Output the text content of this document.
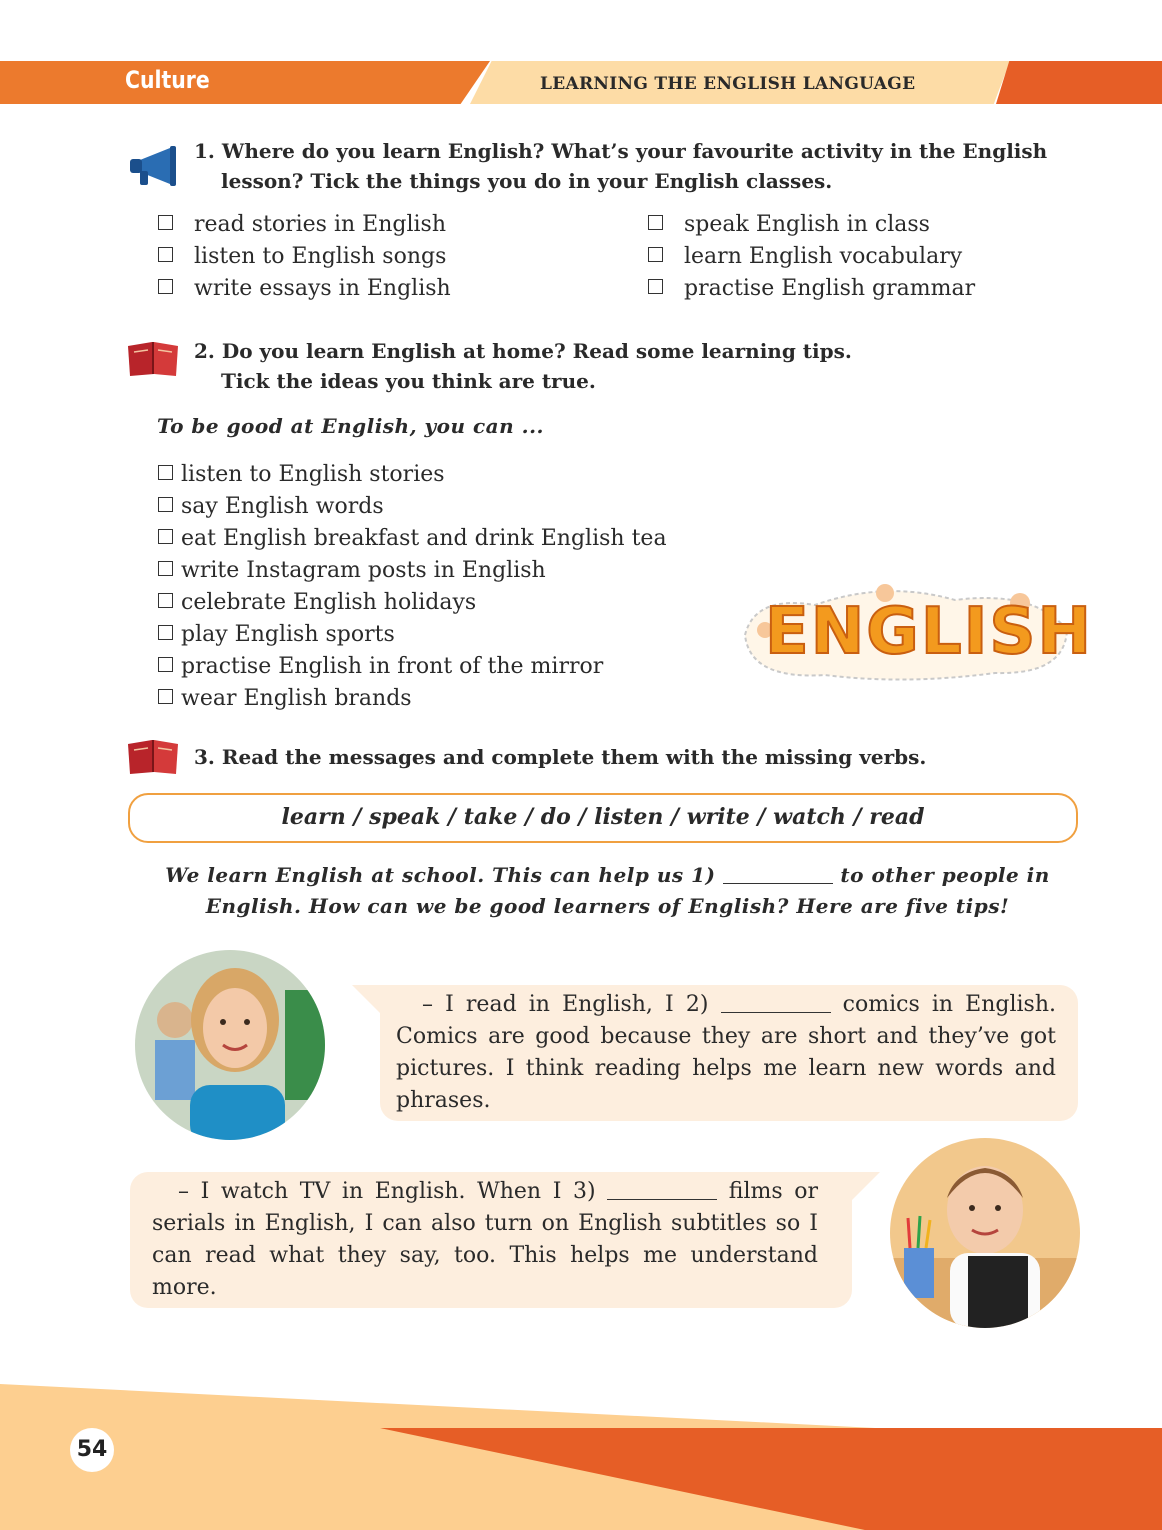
Culture	LEARNING THE ENGLISH LANGUAGE
1. Where do you learn English? What’s your favourite activity in the English
lesson? Tick the things you do in your English classes.
read stories in English
listen to English songs
write essays in English
speak English in class
learn English vocabulary
practise English grammar
2. Do you learn English at home? Read some learning tips.
Tick the ideas you think are true.
To be good at English, you can ...
listen to English stories
say English words
eat English breakfast and drink English tea
write Instagram posts in English
celebrate English holidays
play English sports
practise English in front of the mirror
wear English brands
ENGLISH
3. Read the messages and complete them with the missing verbs.
learn / speak / take / do / listen / write / watch / read
We learn English at school. This can help us 1)	to other people in
English. How can we be good learners of English? Here are five tips!
– I read in English, I 2)	comics in English. Comics are good because they are short and they’ve got pictures. I think reading helps me learn new words and phrases.
– I watch TV in English. When I 3)	films or serials in English, I can also turn on English subtitles so I can read what they say, too. This helps me understand more.
54
